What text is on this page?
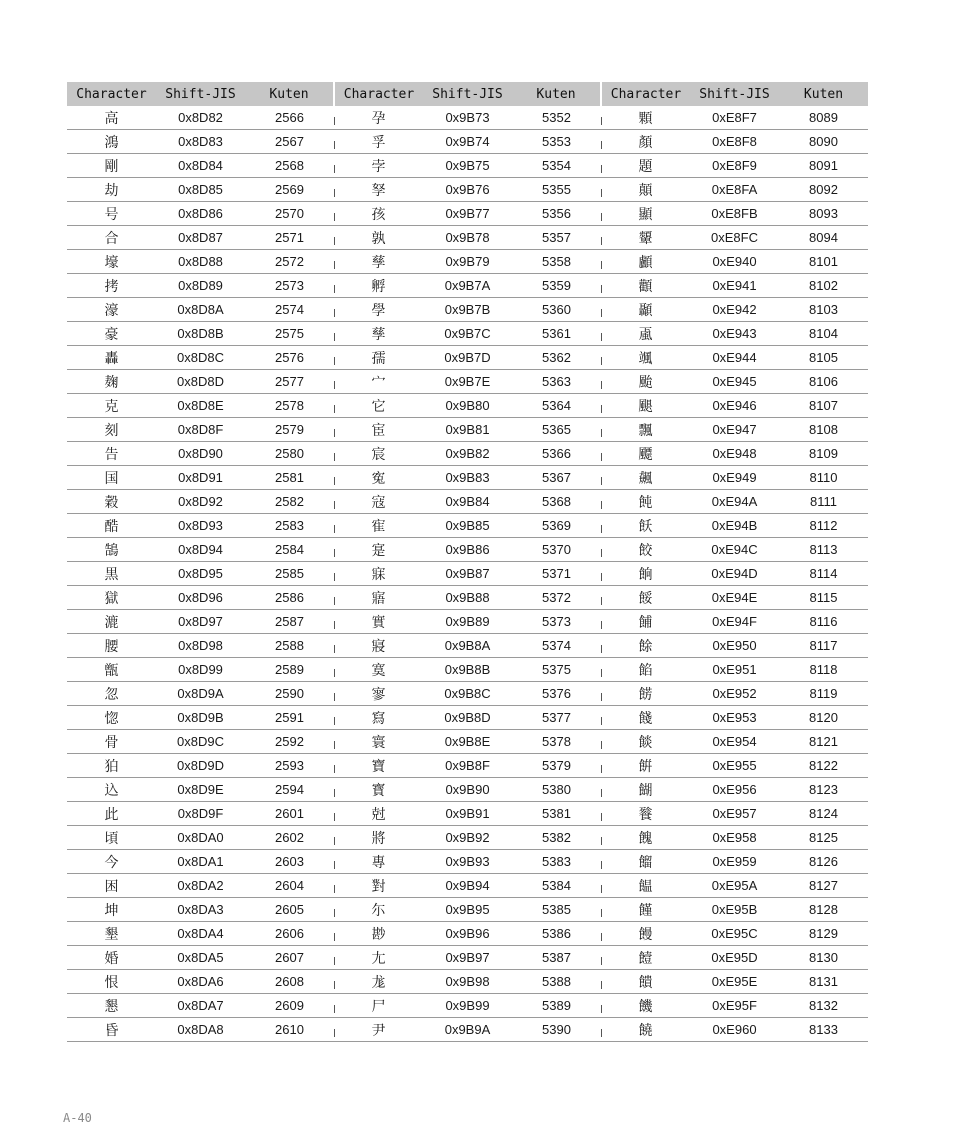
Character	Shift-JIS	Kuten	Character	Shift-JIS	Kuten	Character	Shift-JIS	Kuten
高	0x8D82	2566	孕	0x9B73	5352	顆	0xE8F7	8089
鴻	0x8D83	2567	孚	0x9B74	5353	顏	0xE8F8	8090
剛	0x8D84	2568	孛	0x9B75	5354	題	0xE8F9	8091
劫	0x8D85	2569	孥	0x9B76	5355	顛	0xE8FA	8092
号	0x8D86	2570	孩	0x9B77	5356	顯	0xE8FB	8093
合	0x8D87	2571	孰	0x9B78	5357	顰	0xE8FC	8094
壕	0x8D88	2572	孳	0x9B79	5358	顱	0xE940	8101
拷	0x8D89	2573	孵	0x9B7A	5359	顴	0xE941	8102
濠	0x8D8A	2574	學	0x9B7B	5360	顳	0xE942	8103
豪	0x8D8B	2575	孳	0x9B7C	5361	颪	0xE943	8104
轟	0x8D8C	2576	孺	0x9B7D	5362	颯	0xE944	8105
麹	0x8D8D	2577	宀	0x9B7E	5363	颱	0xE945	8106
克	0x8D8E	2578	它	0x9B80	5364	颶	0xE946	8107
刻	0x8D8F	2579	宦	0x9B81	5365	飄	0xE947	8108
告	0x8D90	2580	宸	0x9B82	5366	飃	0xE948	8109
国	0x8D91	2581	寃	0x9B83	5367	飆	0xE949	8110
穀	0x8D92	2582	寇	0x9B84	5368	飩	0xE94A	8111
酷	0x8D93	2583	寉	0x9B85	5369	飫	0xE94B	8112
鵠	0x8D94	2584	寔	0x9B86	5370	餃	0xE94C	8113
黒	0x8D95	2585	寐	0x9B87	5371	餉	0xE94D	8114
獄	0x8D96	2586	寤	0x9B88	5372	餒	0xE94E	8115
漉	0x8D97	2587	實	0x9B89	5373	餔	0xE94F	8116
腰	0x8D98	2588	寢	0x9B8A	5374	餘	0xE950	8117
甑	0x8D99	2589	寞	0x9B8B	5375	餡	0xE951	8118
忽	0x8D9A	2590	寥	0x9B8C	5376	餝	0xE952	8119
惚	0x8D9B	2591	寫	0x9B8D	5377	餞	0xE953	8120
骨	0x8D9C	2592	寰	0x9B8E	5378	餤	0xE954	8121
狛	0x8D9D	2593	寶	0x9B8F	5379	餠	0xE955	8122
込	0x8D9E	2594	寳	0x9B90	5380	餬	0xE956	8123
此	0x8D9F	2601	尅	0x9B91	5381	餮	0xE957	8124
頃	0x8DA0	2602	將	0x9B92	5382	餽	0xE958	8125
今	0x8DA1	2603	專	0x9B93	5383	餾	0xE959	8126
困	0x8DA2	2604	對	0x9B94	5384	饂	0xE95A	8127
坤	0x8DA3	2605	尓	0x9B95	5385	饉	0xE95B	8128
墾	0x8DA4	2606	尠	0x9B96	5386	饅	0xE95C	8129
婚	0x8DA5	2607	尢	0x9B97	5387	饐	0xE95D	8130
恨	0x8DA6	2608	尨	0x9B98	5388	饋	0xE95E	8131
懇	0x8DA7	2609	尸	0x9B99	5389	饑	0xE95F	8132
昏	0x8DA8	2610	尹	0x9B9A	5390	饒	0xE960	8133
A-40
